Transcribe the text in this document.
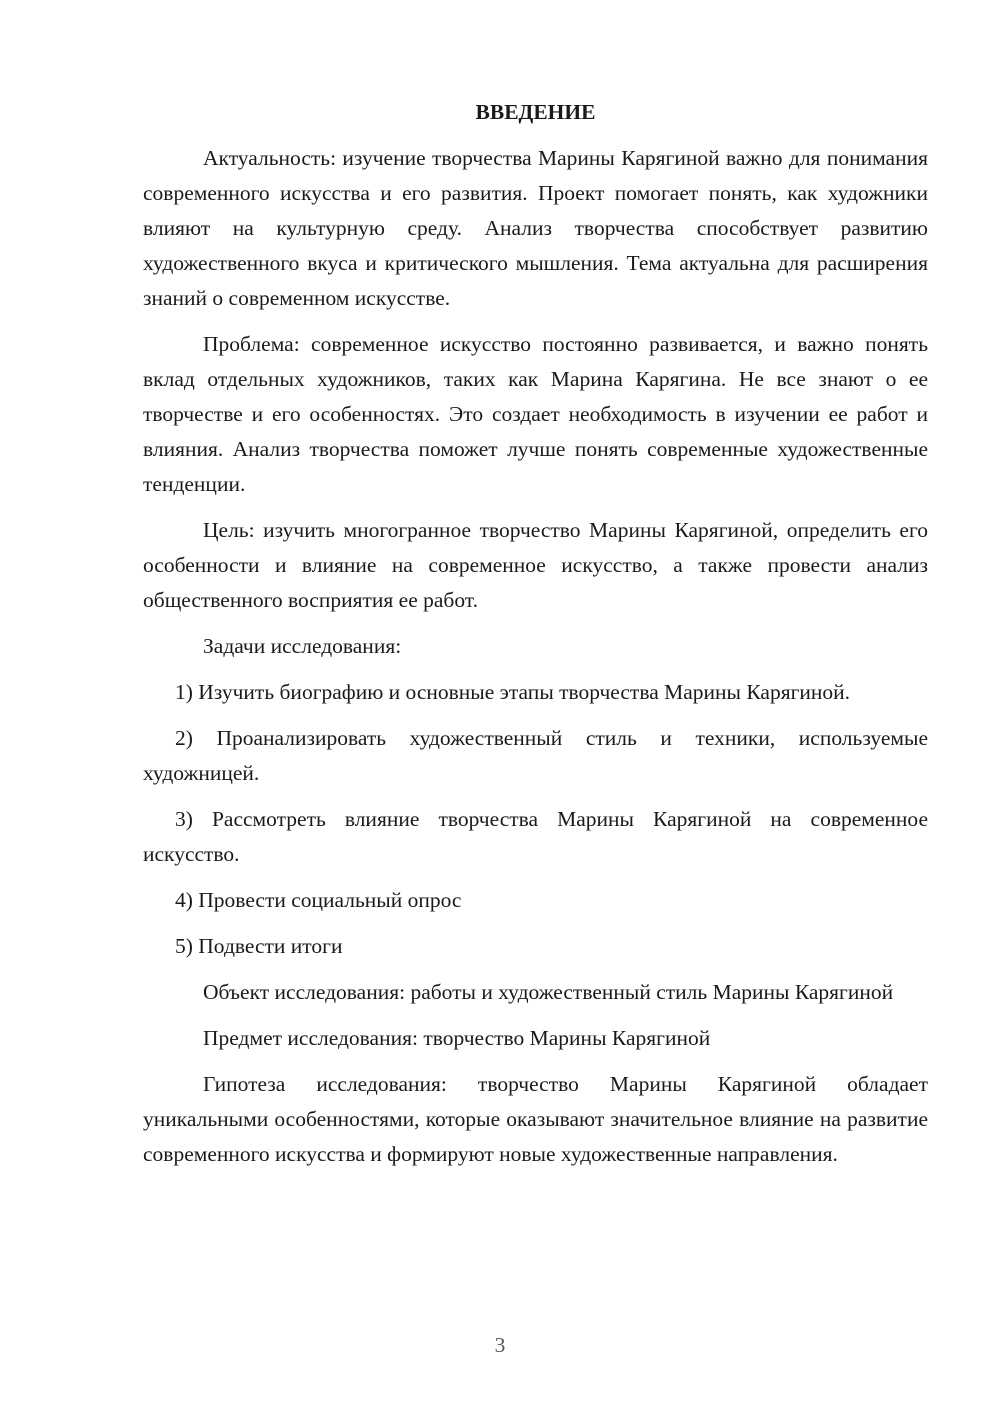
ВВЕДЕНИЕ

Актуальность: изучение творчества Марины Карягиной важно для понимания современного искусства и его развития. Проект помогает понять, как художники влияют на культурную среду. Анализ творчества способствует развитию художественного вкуса и критического мышления. Тема актуальна для расширения знаний о современном искусстве.

Проблема: современное искусство постоянно развивается, и важно понять вклад отдельных художников, таких как Марина Карягина. Не все знают о ее творчестве и его особенностях. Это создает необходимость в изучении ее работ и влияния. Анализ творчества поможет лучше понять современные художественные тенденции.

Цель: изучить многогранное творчество Марины Карягиной, определить его особенности и влияние на современное искусство, а также провести анализ общественного восприятия ее работ.

Задачи исследования:

1) Изучить биографию и основные этапы творчества Марины Карягиной.

2) Проанализировать художественный стиль и техники, используемые художницей.

3) Рассмотреть влияние творчества Марины Карягиной на современное искусство.

4) Провести социальный опрос

5) Подвести итоги

Объект исследования: работы и художественный стиль Марины Карягиной

Предмет исследования: творчество Марины Карягиной

Гипотеза исследования: творчество Марины Карягиной обладает уникальными особенностями, которые оказывают значительное влияние на развитие современного искусства и формируют новые художественные направления.

3
